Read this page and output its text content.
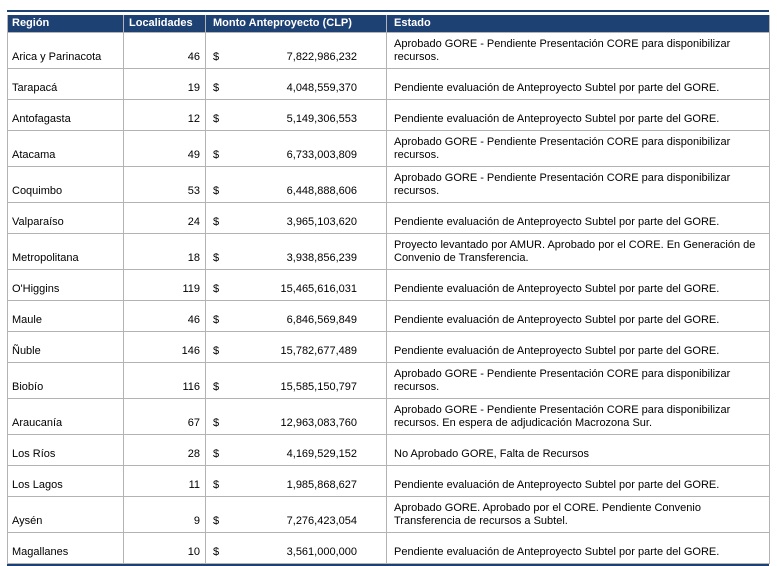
Región	Localidades	Monto Anteproyecto (CLP)	Estado
Arica y Parinacota	46	$ 7,822,986,232	Aprobado GORE - Pendiente Presentación CORE para disponibilizar recursos.
Tarapacá	19	$ 4,048,559,370	Pendiente evaluación de Anteproyecto Subtel por parte del GORE.
Antofagasta	12	$ 5,149,306,553	Pendiente evaluación de Anteproyecto Subtel por parte del GORE.
Atacama	49	$ 6,733,003,809	Aprobado GORE - Pendiente Presentación CORE para disponibilizar recursos.
Coquimbo	53	$ 6,448,888,606	Aprobado GORE - Pendiente Presentación CORE para disponibilizar recursos.
Valparaíso	24	$ 3,965,103,620	Pendiente evaluación de Anteproyecto Subtel por parte del GORE.
Metropolitana	18	$ 3,938,856,239	Proyecto levantado por AMUR. Aprobado por el CORE. En Generación de Convenio de Transferencia.
O'Higgins	119	$ 15,465,616,031	Pendiente evaluación de Anteproyecto Subtel por parte del GORE.
Maule	46	$ 6,846,569,849	Pendiente evaluación de Anteproyecto Subtel por parte del GORE.
Ñuble	146	$ 15,782,677,489	Pendiente evaluación de Anteproyecto Subtel por parte del GORE.
Biobío	116	$ 15,585,150,797	Aprobado GORE - Pendiente Presentación CORE para disponibilizar recursos.
Araucanía	67	$ 12,963,083,760	Aprobado GORE - Pendiente Presentación CORE para disponibilizar recursos. En espera de adjudicación Macrozona Sur.
Los Ríos	28	$ 4,169,529,152	No Aprobado GORE, Falta de Recursos
Los Lagos	11	$ 1,985,868,627	Pendiente evaluación de Anteproyecto Subtel por parte del GORE.
Aysén	9	$ 7,276,423,054	Aprobado GORE. Aprobado por el CORE. Pendiente Convenio Transferencia de recursos a Subtel.
Magallanes	10	$ 3,561,000,000	Pendiente evaluación de Anteproyecto Subtel por parte del GORE.
